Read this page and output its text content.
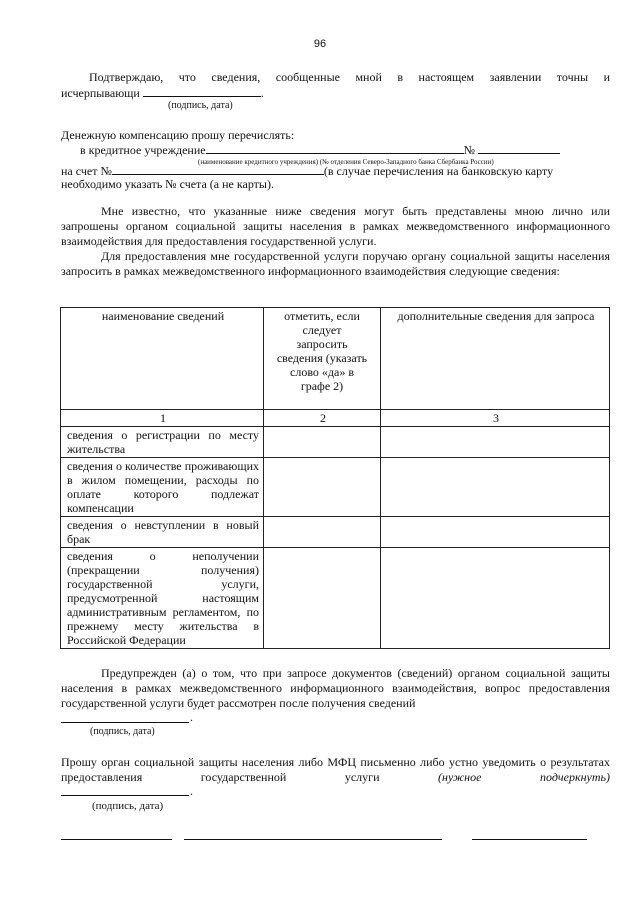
96
Подтверждаю, что сведения, сообщенные мной в настоящем заявлении точны и
исчерпывающи	.
(подпись, дата)
Денежную компенсацию прошу перечислять:
в кредитное учреждение	№
(наименование кредитного учреждения) (№ отделения Северо-Западного банка Сбербанка России)
на счет №	(в случае перечисления на банковскую карту
необходимо указать № счета (а не карты).
Мне известно, что указанные ниже сведения могут быть представлены мною лично или запрошены органом социальной защиты населения в рамках межведомственного информационного взаимодействия для предоставления государственной услуги.
Для предоставления мне государственной услуги поручаю органу социальной защиты населения запросить в рамках межведомственного информационного взаимодействия следующие сведения:
наименование сведений	отметить, если следует запросить сведения (указать слово «да» в графе 2)	дополнительные сведения для запроса
1	2	3
сведения о регистрации по месту жительства		
сведения о количестве проживающих в жилом помещении, расходы по оплате которого подлежат компенсации		
сведения о невступлении в новый брак		
сведения о неполучении (прекращении получения) государственной услуги, предусмотренной настоящим административным регламентом, по прежнему месту жительства в Российской Федерации		
Предупрежден (а) о том, что при запросе документов (сведений) органом социальной защиты населения в рамках межведомственного информационного взаимодействия, вопрос предоставления государственной услуги будет рассмотрен после получения сведений
.
(подпись, дата)
Прошу орган социальной защиты населения либо МФЦ письменно либо устно уведомить о результатах предоставления государственной услуги	(нужное подчеркнуть)
.
(подпись, дата)
